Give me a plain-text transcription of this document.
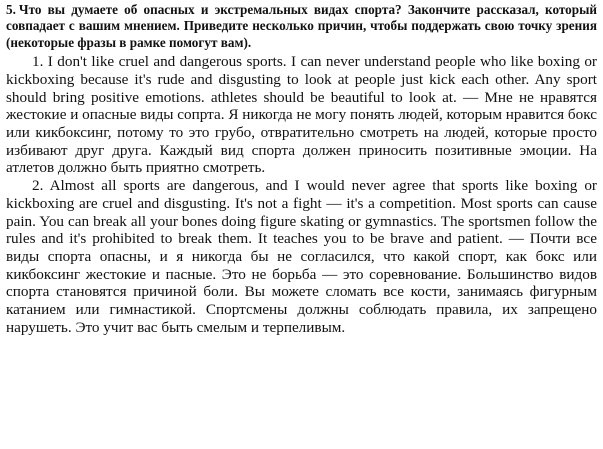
5. Что вы думаете об опасных и экстремальных видах спорта? Закончите рассказал, который совпадает с вашим мнением. Приведите несколько причин, чтобы поддержать свою точку зрения (некоторые фразы в рамке помогут вам).

1. I don't like cruel and dangerous sports. I can never understand people who like boxing or kickboxing because it's rude and disgusting to look at people just kick each other. Any sport should bring positive emotions. athletes should be beautiful to look at. — Мне не нравятся жестокие и опасные виды сопрта. Я никогда не могу понять людей, которым нравится бокс или кикбоксинг, потому то это грубо, отвратительно смотреть на людей, которые просто избивают друг друга. Каждый вид спорта должен приносить позитивные эмоции. На атлетов должно быть приятно смотреть.

2. Almost all sports are dangerous, and I would never agree that sports like boxing or kickboxing are cruel and disgusting. It's not a fight — it's a competition. Most sports can cause pain. You can break all your bones doing figure skating or gymnastics. The sportsmen follow the rules and it's prohibited to break them. It teaches you to be brave and patient. — Почти все виды спорта опасны, и я никогда бы не согласился, что какой спорт, как бокс или кикбоксинг жестокие и пасные. Это не борьба — это соревнование. Большинство видов спорта становятся причиной боли. Вы можете сломать все кости, занимаясь фигурным катанием или гимнастикой. Спортсмены должны соблюдать правила, их запрещено нарушеть. Это учит вас быть смелым и терпеливым.
